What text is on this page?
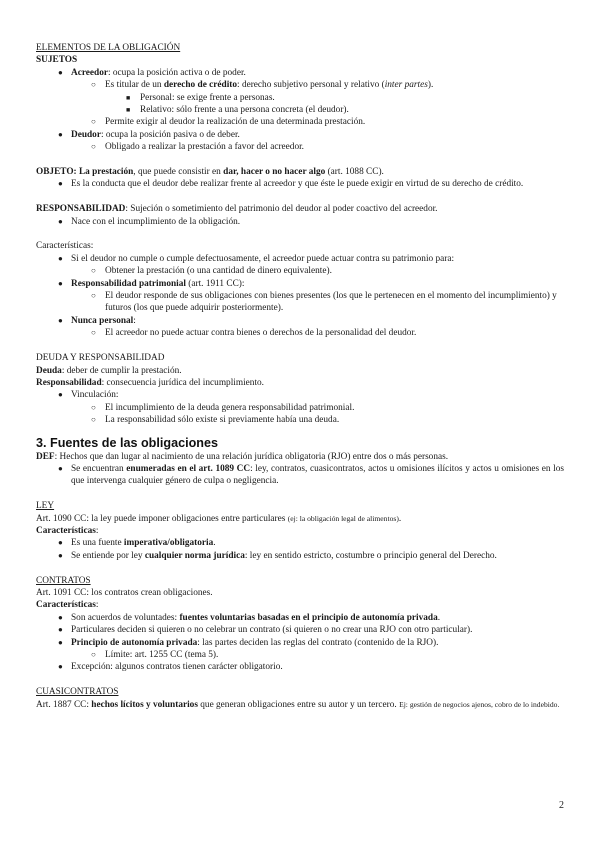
ELEMENTOS DE LA OBLIGACIÓN

SUJETOS

● Acreedor: ocupa la posición activa o de poder.
○ Es titular de un derecho de crédito: derecho subjetivo personal y relativo (inter partes).
■ Personal: se exige frente a personas.
■ Relativo: sólo frente a una persona concreta (el deudor).
○ Permite exigir al deudor la realización de una determinada prestación.
● Deudor: ocupa la posición pasiva o de deber.
○ Obligado a realizar la prestación a favor del acreedor.

OBJETO: La prestación, que puede consistir en dar, hacer o no hacer algo (art. 1088 CC).

● Es la conducta que el deudor debe realizar frente al acreedor y que éste le puede exigir en virtud de su derecho de crédito.

RESPONSABILIDAD: Sujeción o sometimiento del patrimonio del deudor al poder coactivo del acreedor.

● Nace con el incumplimiento de la obligación.

Características:

● Si el deudor no cumple o cumple defectuosamente, el acreedor puede actuar contra su patrimonio para:
○ Obtener la prestación (o una cantidad de dinero equivalente).
● Responsabilidad patrimonial (art. 1911 CC):
○ El deudor responde de sus obligaciones con bienes presentes (los que le pertenecen en el momento del incumplimiento) y futuros (los que puede adquirir posteriormente).
● Nunca personal:
○ El acreedor no puede actuar contra bienes o derechos de la personalidad del deudor.

DEUDA Y RESPONSABILIDAD

Deuda: deber de cumplir la prestación.

Responsabilidad: consecuencia jurídica del incumplimiento.

● Vinculación:
○ El incumplimiento de la deuda genera responsabilidad patrimonial.
○ La responsabilidad sólo existe si previamente había una deuda.
3. Fuentes de las obligaciones

DEF: Hechos que dan lugar al nacimiento de una relación jurídica obligatoria (RJO) entre dos o más personas.

● Se encuentran enumeradas en el art. 1089 CC: ley, contratos, cuasicontratos, actos u omisiones ilícitos y actos u omisiones en los que intervenga cualquier género de culpa o negligencia.

LEY

Art. 1090 CC: la ley puede imponer obligaciones entre particulares (ej: la obligación legal de alimentos).

Características:

● Es una fuente imperativa/obligatoria.
● Se entiende por ley cualquier norma jurídica: ley en sentido estricto, costumbre o principio general del Derecho.

CONTRATOS

Art. 1091 CC: los contratos crean obligaciones.

Características:

● Son acuerdos de voluntades: fuentes voluntarias basadas en el principio de autonomía privada.
● Particulares deciden si quieren o no celebrar un contrato (si quieren o no crear una RJO con otro particular).
● Principio de autonomía privada: las partes deciden las reglas del contrato (contenido de la RJO).
○ Límite: art. 1255 CC (tema 5).
● Excepción: algunos contratos tienen carácter obligatorio.

CUASICONTRATOS

Art. 1887 CC: hechos lícitos y voluntarios que generan obligaciones entre su autor y un tercero. Ej: gestión de negocios ajenos, cobro de lo indebido.

2
